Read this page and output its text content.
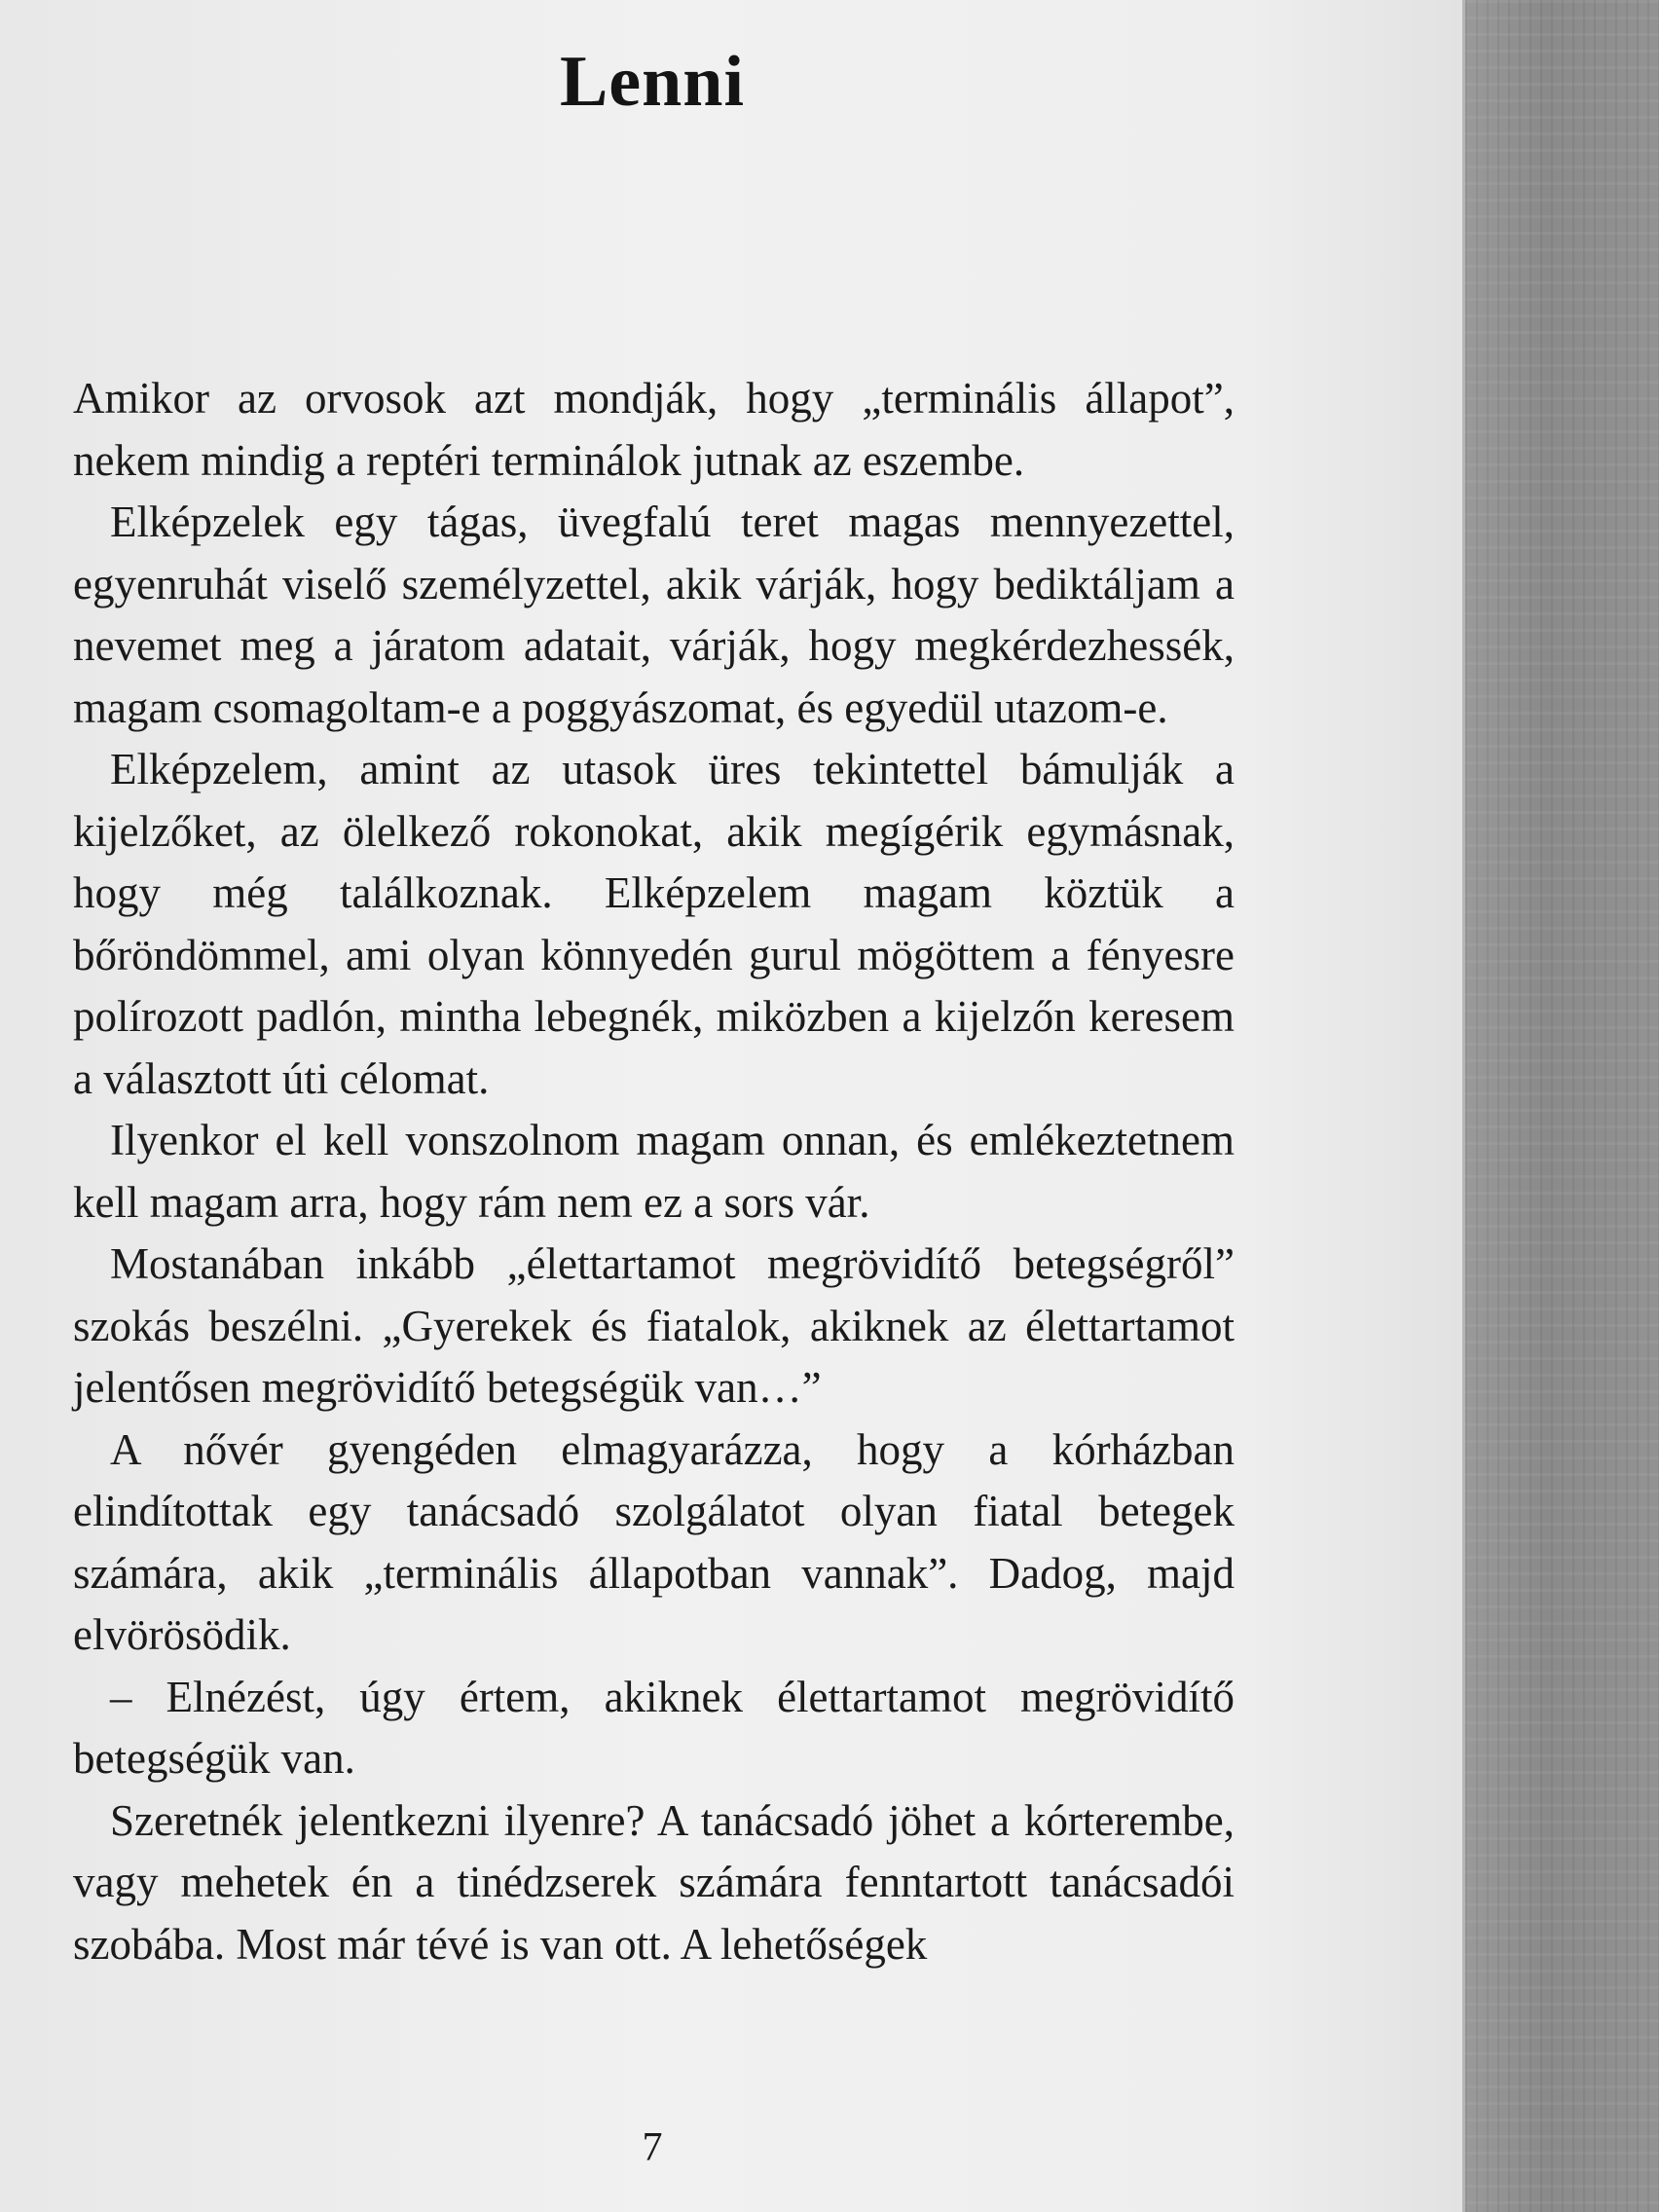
Lenni

Amikor az orvosok azt mondják, hogy „terminális állapot”, nekem mindig a reptéri terminálok jutnak az eszembe.

Elképzelek egy tágas, üvegfalú teret magas mennyezettel, egyenruhát viselő személyzettel, akik várják, hogy bediktáljam a nevemet meg a járatom adatait, várják, hogy megkérdezhessék, magam csomagoltam-e a poggyászomat, és egyedül utazom-e.

Elképzelem, amint az utasok üres tekintettel bámulják a kijelzőket, az ölelkező rokonokat, akik megígérik egymásnak, hogy még találkoznak. Elképzelem magam köztük a bőröndömmel, ami olyan könnyedén gurul mögöttem a fényesre polírozott padlón, mintha lebegnék, miközben a kijelzőn keresem a választott úti célomat.

Ilyenkor el kell vonszolnom magam onnan, és emlékeztetnem kell magam arra, hogy rám nem ez a sors vár.

Mostanában inkább „élettartamot megrövidítő betegségről” szokás beszélni. „Gyerekek és fiatalok, akiknek az élettartamot jelentősen megrövidítő betegségük van…”

A nővér gyengéden elmagyarázza, hogy a kórházban elindítottak egy tanácsadó szolgálatot olyan fiatal betegek számára, akik „terminális állapotban vannak”. Dadog, majd elvörösödik.

– Elnézést, úgy értem, akiknek élettartamot megrövidítő betegségük van.

Szeretnék jelentkezni ilyenre? A tanácsadó jöhet a kórterembe, vagy mehetek én a tinédzserek számára fenntartott tanácsadói szobába. Most már tévé is van ott. A lehetőségek

7
